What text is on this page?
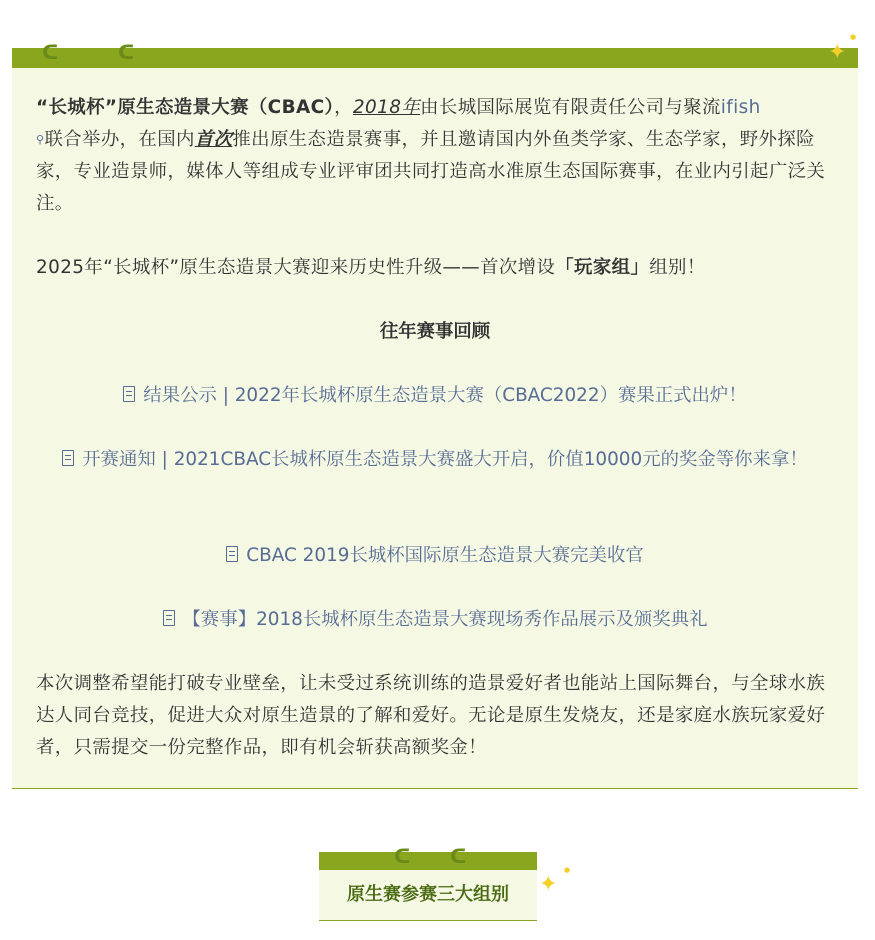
ᑕ	ᑕ	✦
●
“长城杯”原生态造景大赛（CBAC），2018年由长城国际展览有限责任公司与聚流ifish
⚲联合举办，在国内首次推出原生态造景赛事，并且邀请国内外鱼类学家、生态学家，野外探险家，专业造景师，媒体人等组成专业评审团共同打造高水准原生态国际赛事，在业内引起广泛关注。
2025年“长城杯”原生态造景大赛迎来历史性升级——首次增设「玩家组」组别！
往年赛事回顾
结果公示 | 2022年长城杯原生态造景大赛（CBAC2022）赛果正式出炉！
开赛通知 | 2021CBAC长城杯原生态造景大赛盛大开启，价值10000元的奖金等你来拿！
CBAC 2019长城杯国际原生态造景大赛完美收官
【赛事】2018长城杯原生态造景大赛现场秀作品展示及颁奖典礼
本次调整希望能打破专业壁垒，让未受过系统训练的造景爱好者也能站上国际舞台，与全球水族达人同台竞技，促进大众对原生造景的了解和爱好。无论是原生发烧友，还是家庭水族玩家爱好者，只需提交一份完整作品，即有机会斩获高额奖金！
原生赛参赛三大组别
ᑕ ᑕ
✦
●
